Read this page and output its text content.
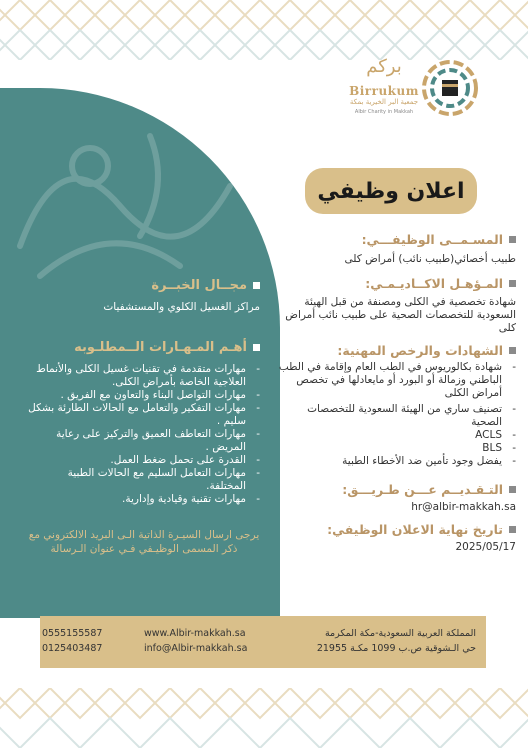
بركم
Birrukum
جمعية البر الخيرية بمكة
Albir Charity in Makkah
اعلان وظيفي
المسـمــى الوظيفـــي:
طبيب أخصائي(طبيب نائب) أمراض كلى
المـؤهـل الاكــاديـمـي:
شهادة تخصصية في الكلى ومصنفة من قبل الهيئة السعودية للتخصصات الصحية على طبيب نائب أمراض كلى
الشهادات والرخص المهنية:
- شهادة بكالوريوس في الطب العام وإقامة في الطب الباطني وزمالة أو البورد أو مايعادلها في تخصص أمراض الكلى
- تصنيف ساري من الهيئة السعودية للتخصصات الصحية
- ACLS
- BLS
- يفضل وجود تأمين ضد الأخطاء الطبية
التـقـديــم عـــن طـريـــق:
hr@albir-makkah.sa
تاريخ نهاية الاعلان الوظيفي:
2025/05/17
مجــال الخبــرة
مراكز الغسيل الكلوي والمستشفيات
أهـم المـهـارات الــمطلـوبه
- مهارات متقدمة في تقنيات غسيل الكلى والأنماط العلاجية الخاصة بأمراض الكلى.
- مهارات التواصل البناء والتعاون مع الفريق .
- مهارات التفكير والتعامل مع الحالات الطارئة بشكل سليم .
- مهارات التعاطف العميق والتركيز على رعاية المريض .
- القدرة على تحمل ضغط العمل.
- مهارات التعامل السليم مع الحالات الطبية المختلفة.
- مهارات تقنية وقيادية وإدارية.
يرجى ارسال السيـرة الذاتية الـى البريد الالكتروني مع ذكر المسمى الوظيـفي فـي عنوان الـرسالة
المملكة العربية السعودية-مكة المكرمة
حي الـشوقية ص.ب 1099 مكـة 21955
www.Albir-makkah.sa
info@Albir-makkah.sa
0555155587
0125403487
